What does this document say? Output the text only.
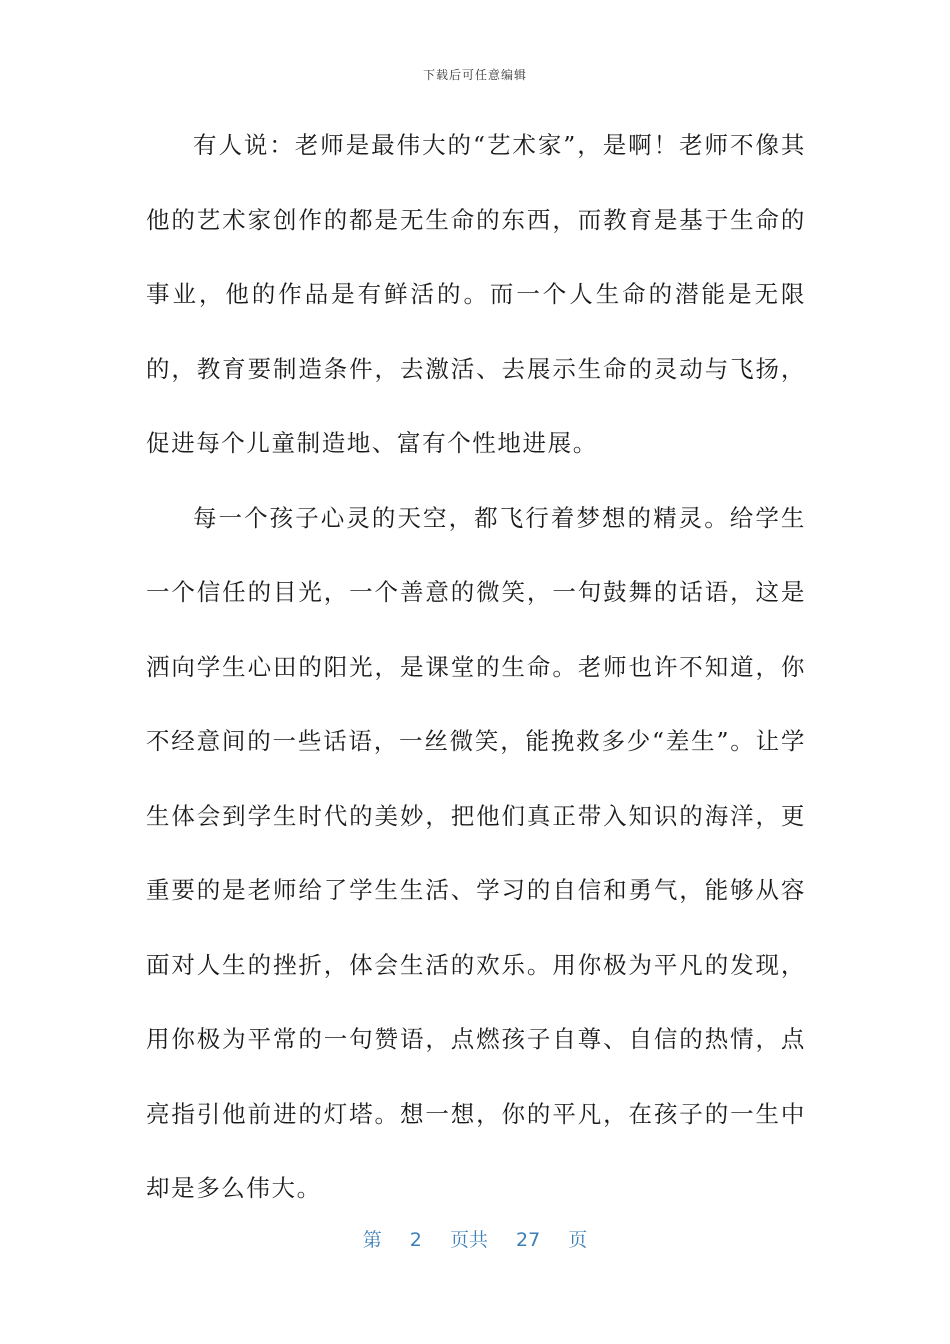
下载后可任意编辑

有人说：老师是最伟大的“艺术家”，是啊！老师不像其他的艺术家创作的都是无生命的东西，而教育是基于生命的事业，他的作品是有鲜活的。而一个人生命的潜能是无限的，教育要制造条件，去激活、去展示生命的灵动与飞扬，促进每个儿童制造地、富有个性地进展。

每一个孩子心灵的天空，都飞行着梦想的精灵。给学生一个信任的目光，一个善意的微笑，一句鼓舞的话语，这是洒向学生心田的阳光，是课堂的生命。老师也许不知道，你不经意间的一些话语，一丝微笑，能挽救多少“差生”。让学生体会到学生时代的美妙，把他们真正带入知识的海洋，更重要的是老师给了学生生活、学习的自信和勇气，能够从容面对人生的挫折，体会生活的欢乐。用你极为平凡的发现，用你极为平常的一句赞语，点燃孩子自尊、自信的热情，点亮指引他前进的灯塔。想一想，你的平凡，在孩子的一生中却是多么伟大。

第 2 页共 27 页
